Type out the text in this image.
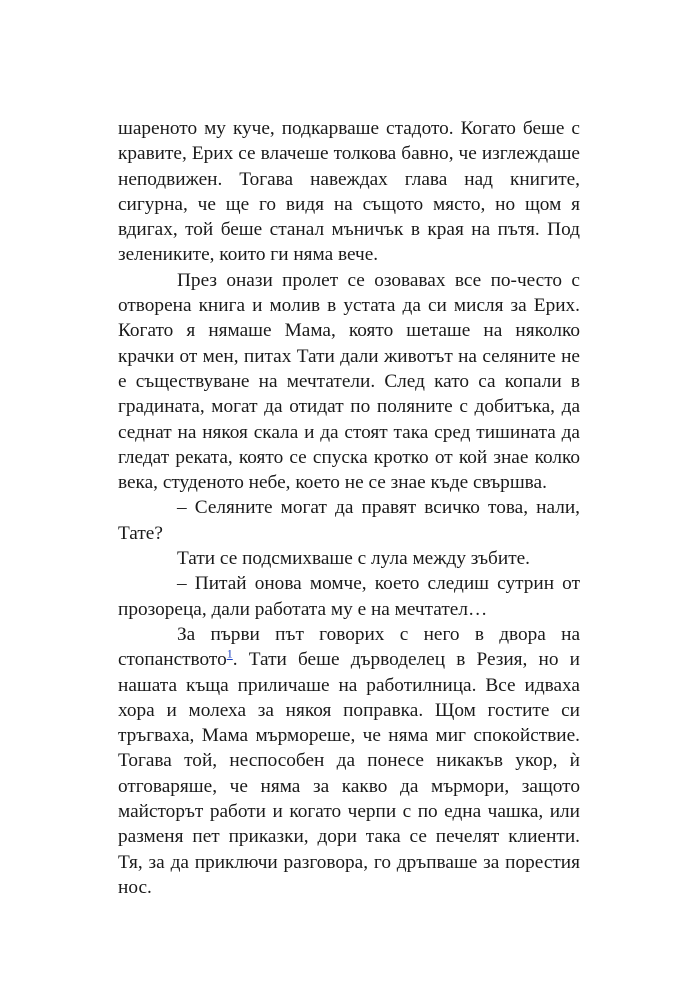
шареното му куче, подкарваше стадото. Когато беше с кравите, Ерих се влачеше толкова бавно, че изглеждаше неподвижен. Тогава навеждах глава над книгите, сигурна, че ще го видя на същото място, но щом я вдигах, той беше станал мъничък в края на пътя. Под зелениките, които ги няма вече.

През онази пролет се озовавах все по-често с отворена книга и молив в устата да си мисля за Ерих. Когато я нямаше Мама, която шеташе на няколко крачки от мен, питах Тати дали животът на селяните не е съществуване на мечтатели. След като са копали в градината, могат да отидат по поляните с добитъка, да седнат на някоя скала и да стоят така сред тишината да гледат реката, която се спуска кротко от кой знае колко века, студеното небе, което не се знае къде свършва.

– Селяните могат да правят всичко това, нали, Тате?

Тати се подсмихваше с лула между зъбите.

– Питай онова момче, което следиш сутрин от прозореца, дали работата му е на мечтател…

За първи път говорих с него в двора на стопанството$^1$. Тати беше дърводелец в Резия, но и нашата къща приличаше на работилница. Все идваха хора и молеха за някоя поправка. Щом гостите си тръгваха, Мама мърмореше, че няма миг спокойствие. Тогава той, неспособен да понесе никакъв укор, ѝ отговаряше, че няма за какво да мърмори, защото майсторът работи и когато черпи с по една чашка, или разменя пет приказки, дори така се печелят клиенти. Тя, за да приключи разговора, го дръпваше за порестия нос.
